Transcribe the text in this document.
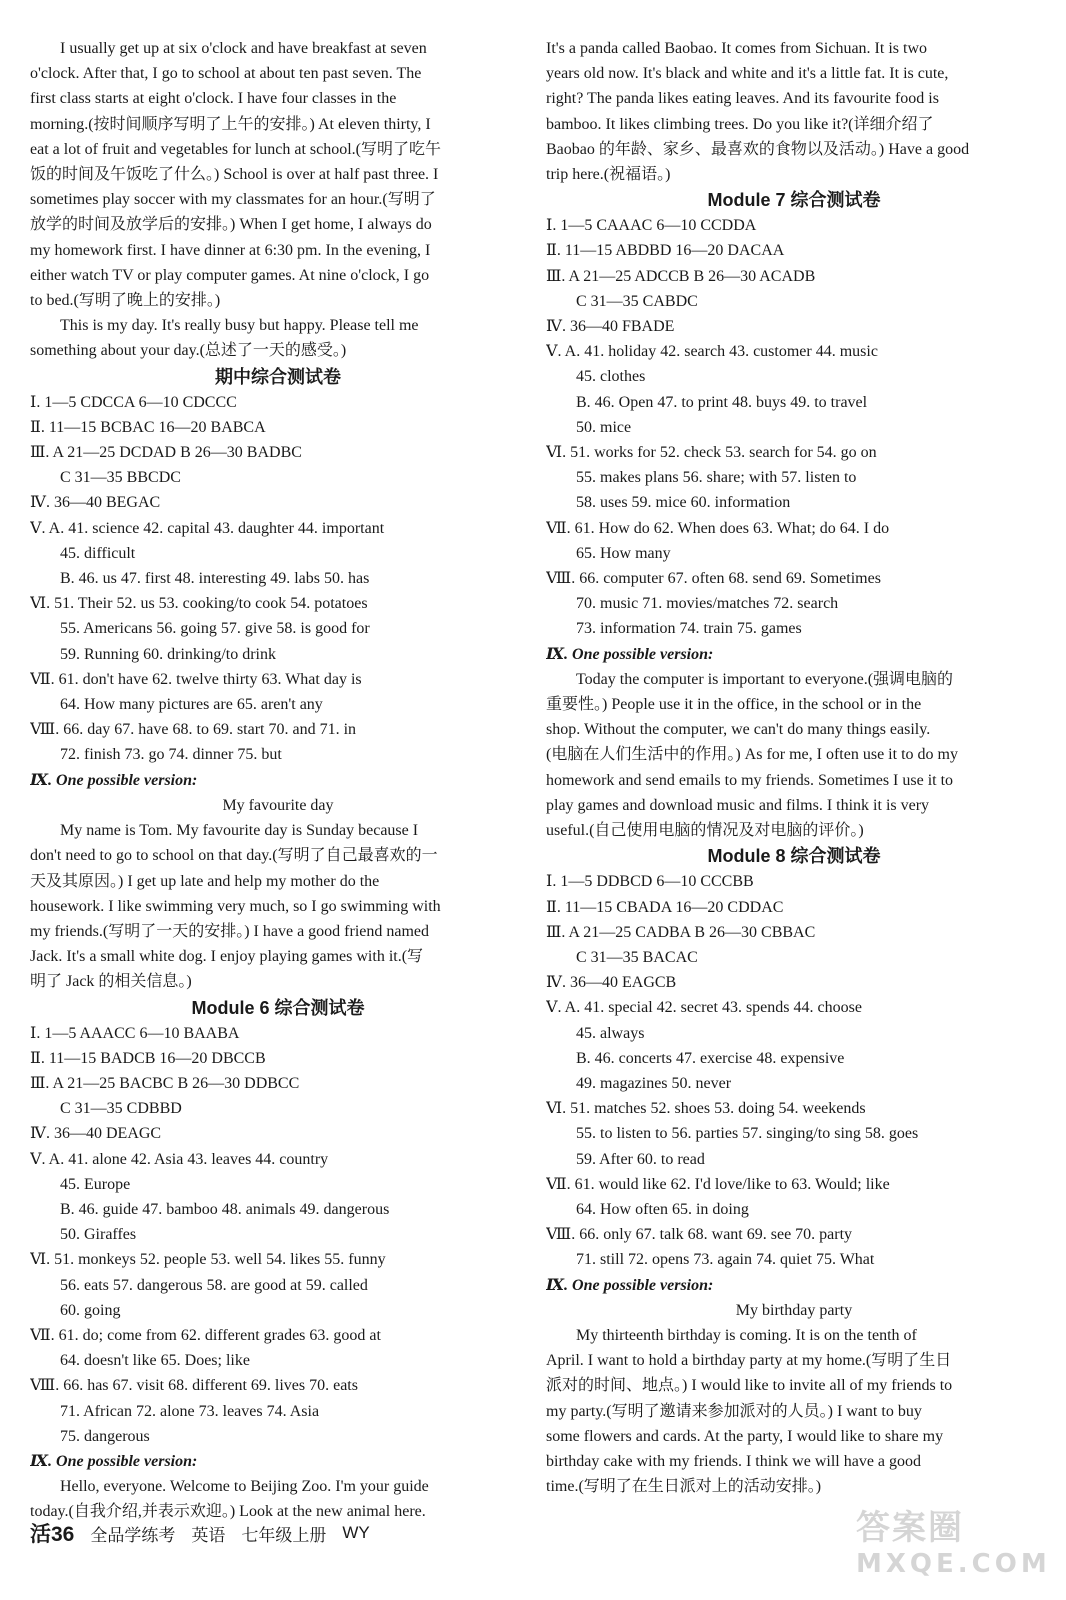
I usually get up at six o'clock and have breakfast at seven
o'clock. After that, I go to school at about ten past seven. The
first class starts at eight o'clock. I have four classes in the
morning.(按时间顺序写明了上午的安排。) At eleven thirty, I
eat a lot of fruit and vegetables for lunch at school.(写明了吃午
饭的时间及午饭吃了什么。) School is over at half past three. I
sometimes play soccer with my classmates for an hour.(写明了
放学的时间及放学后的安排。) When I get home, I always do
my homework first. I have dinner at 6:30 pm. In the evening, I
either watch TV or play computer games. At nine o'clock, I go
to bed.(写明了晚上的安排。)
This is my day. It's really busy but happy. Please tell me
something about your day.(总述了一天的感受。)
期中综合测试卷
Ⅰ. 1—5 CDCCA 6—10 CDCCC
Ⅱ. 11—15 BCBAC 16—20 BABCA
Ⅲ. A 21—25 DCDAD B 26—30 BADBC
C 31—35 BBCDC
Ⅳ. 36—40 BEGAC
Ⅴ. A. 41. science 42. capital 43. daughter 44. important
45. difficult
B. 46. us 47. first 48. interesting 49. labs 50. has
Ⅵ. 51. Their 52. us 53. cooking/to cook 54. potatoes
55. Americans 56. going 57. give 58. is good for
59. Running 60. drinking/to drink
Ⅶ. 61. don't have 62. twelve thirty 63. What day is
64. How many pictures are 65. aren't any
Ⅷ. 66. day 67. have 68. to 69. start 70. and 71. in
72. finish 73. go 74. dinner 75. but
Ⅸ. One possible version:
My favourite day
My name is Tom. My favourite day is Sunday because I
don't need to go to school on that day.(写明了自己最喜欢的一
天及其原因。) I get up late and help my mother do the
housework. I like swimming very much, so I go swimming with
my friends.(写明了一天的安排。) I have a good friend named
Jack. It's a small white dog. I enjoy playing games with it.(写
明了 Jack 的相关信息。)
Module 6 综合测试卷
Ⅰ. 1—5 AAACC 6—10 BAABA
Ⅱ. 11—15 BADCB 16—20 DBCCB
Ⅲ. A 21—25 BACBC B 26—30 DDBCC
C 31—35 CDBBD
Ⅳ. 36—40 DEAGC
Ⅴ. A. 41. alone 42. Asia 43. leaves 44. country
45. Europe
B. 46. guide 47. bamboo 48. animals 49. dangerous
50. Giraffes
Ⅵ. 51. monkeys 52. people 53. well 54. likes 55. funny
56. eats 57. dangerous 58. are good at 59. called
60. going
Ⅶ. 61. do; come from 62. different grades 63. good at
64. doesn't like 65. Does; like
Ⅷ. 66. has 67. visit 68. different 69. lives 70. eats
71. African 72. alone 73. leaves 74. Asia
75. dangerous
Ⅸ. One possible version:
Hello, everyone. Welcome to Beijing Zoo. I'm your guide
today.(自我介绍,并表示欢迎。) Look at the new animal here.
It's a panda called Baobao. It comes from Sichuan. It is two
years old now. It's black and white and it's a little fat. It is cute,
right? The panda likes eating leaves. And its favourite food is
bamboo. It likes climbing trees. Do you like it?(详细介绍了
Baobao 的年龄、家乡、最喜欢的食物以及活动。) Have a good
trip here.(祝福语。)
Module 7 综合测试卷
Ⅰ. 1—5 CAAAC 6—10 CCDDA
Ⅱ. 11—15 ABDBD 16—20 DACAA
Ⅲ. A 21—25 ADCCB B 26—30 ACADB
C 31—35 CABDC
Ⅳ. 36—40 FBADE
Ⅴ. A. 41. holiday 42. search 43. customer 44. music
45. clothes
B. 46. Open 47. to print 48. buys 49. to travel
50. mice
Ⅵ. 51. works for 52. check 53. search for 54. go on
55. makes plans 56. share; with 57. listen to
58. uses 59. mice 60. information
Ⅶ. 61. How do 62. When does 63. What; do 64. I do
65. How many
Ⅷ. 66. computer 67. often 68. send 69. Sometimes
70. music 71. movies/matches 72. search
73. information 74. train 75. games
Ⅸ. One possible version:
Today the computer is important to everyone.(强调电脑的
重要性。) People use it in the office, in the school or in the
shop. Without the computer, we can't do many things easily.
(电脑在人们生活中的作用。) As for me, I often use it to do my
homework and send emails to my friends. Sometimes I use it to
play games and download music and films. I think it is very
useful.(自己使用电脑的情况及对电脑的评价。)
Module 8 综合测试卷
Ⅰ. 1—5 DDBCD 6—10 CCCBB
Ⅱ. 11—15 CBADA 16—20 CDDAC
Ⅲ. A 21—25 CADBA B 26—30 CBBAC
C 31—35 BACAC
Ⅳ. 36—40 EAGCB
Ⅴ. A. 41. special 42. secret 43. spends 44. choose
45. always
B. 46. concerts 47. exercise 48. expensive
49. magazines 50. never
Ⅵ. 51. matches 52. shoes 53. doing 54. weekends
55. to listen to 56. parties 57. singing/to sing 58. goes
59. After 60. to read
Ⅶ. 61. would like 62. I'd love/like to 63. Would; like
64. How often 65. in doing
Ⅷ. 66. only 67. talk 68. want 69. see 70. party
71. still 72. opens 73. again 74. quiet 75. What
Ⅸ. One possible version:
My birthday party
My thirteenth birthday is coming. It is on the tenth of
April. I want to hold a birthday party at my home.(写明了生日
派对的时间、地点。) I would like to invite all of my friends to
my party.(写明了邀请来参加派对的人员。) I want to buy
some flowers and cards. At the party, I would like to share my
birthday cake with my friends. I think we will have a good
time.(写明了在生日派对上的活动安排。)
活36 全品学练考 英语 七年级上册 WY	答案圈
MXQE.COM
